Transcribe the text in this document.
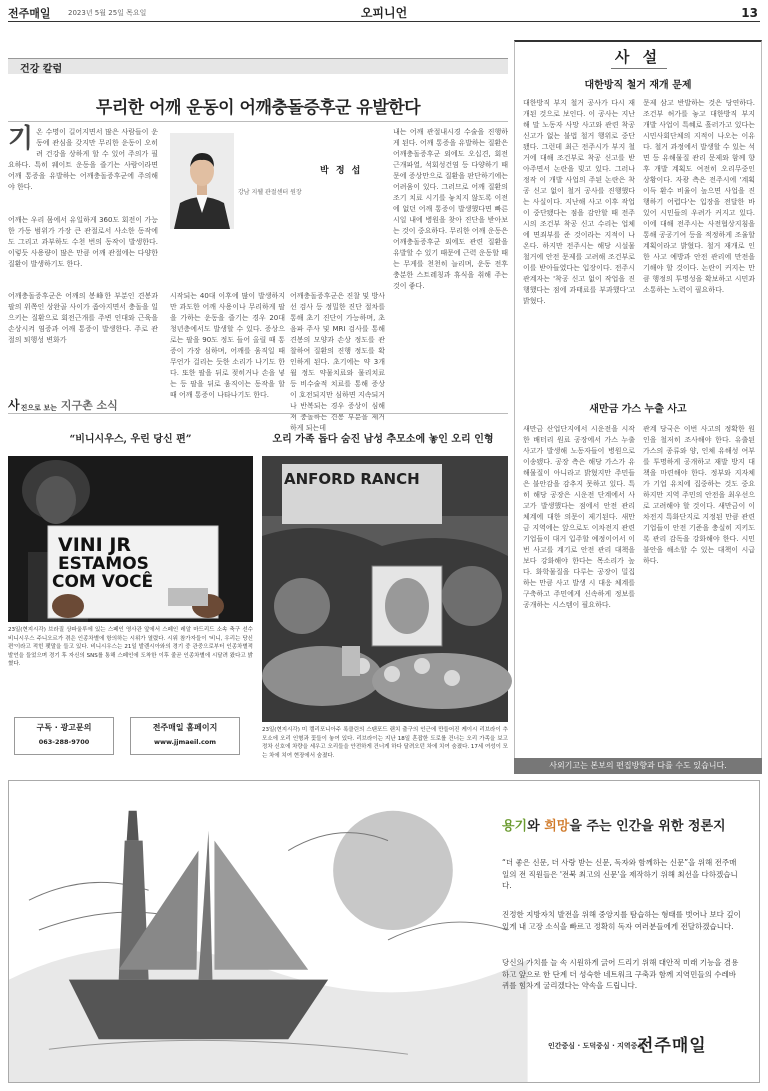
전주매일	2023년 5월 25일 목요일	오피니언	13
건강 칼럼
무리한 어깨 운동이 어깨충돌증후군 유발한다
기온 수명이 길어지면서 많은 사람들이 운동에 관심을 갖지만 무리한 운동이 오히려 건강을 상하게 할 수 있어 주의가 필요하다. 특히 웨이트 운동을 즐기는 사람이라면 어깨 통증을 유발하는 어깨충돌증후군에 주의해야 한다.
어깨는 우리 몸에서 유일하게 360도 회전이 가능한 가동 범위가 가장 큰 관절로서 사소한 동작에도 그리고 과부하도 수천 번의 동작이 발생한다. 이렇듯 사용량이 많은 만큼 어깨 관절에는 다양한 질환이 발생하기도 한다.
어깨충돌증후군은 어깨의 봉峰한 부분인 견봉과 팔의 위쪽인 상완골 사이가 좁아지면서 충돌을 일으키는 질환으로 회전근개를 주변 인대와 근육을 손상시켜 염증과 어깨 통증이 발생한다. 주로 관절의 퇴행성 변화가
박 정 섭
강남 지웰 관절센터 원장
시작되는 40대 이후에 많이 발생하지만 과도한 어깨 사용이나 무리하게 팔을 가하는 운동을 즐기는 경우 20대 청년층에서도 발생할 수 있다. 증상으로는 팔을 90도 정도 들어 올릴 때 통증이 가장 심하며, 어깨를 움직일 때 무언가 걸리는 듯한 소리가 나기도 한다. 또한 팔을 뒤로 젖히거나 손을 넣는 등 팔을 뒤로 움직이는 동작을 할 때 어깨 통증이 나타나기도 한다.
어깨충돌증후군은 진찰 및 방사선 검사 등 정밀한 진단 절차를 통해 초기 진단이 가능하며, 초음파 주사 및 MRI 검사를 통해 견봉의 모양과 손상 정도를 관찰하여 질환의 진행 정도를 확인하게 된다. 초기에는 약 3개월 정도 약물치료와 물리치료 등 비수술적 치료를 통해 증상이 호전되지만 심하면 지속되거나 반복되는 경우 증상이 심해져 충돌하는 견봉 부분을 제거하게 되는데
내는 어깨 관절내시경 수술을 진행하게 된다. 어깨 통증을 유발하는 질환은 어깨충돌증후군 외에도 오십견, 회전근개파열, 석회성건염 등 다양하기 때문에 증상만으로 질환을 판단하기에는 어려움이 있다. 그러므로 어깨 질환의 조기 치료 시기를 놓치지 않도록 이전에 없던 어깨 통증이 발생했다면 빠른 시일 내에 병원을 찾아 진단을 받아보는 것이 중요하다. 무리한 어깨 운동은 어깨충돌증후군 외에도 관련 질환을 유발할 수 있기 때문에 근력 운동할 때는 무게를 천천히 늘리며, 운동 전후 충분한 스트레칭과 휴식을 취해 주는 것이 좋다.
사 설
대한방직 철거 재개 문제
대한방직 부지 철거 공사가 다시 재개된 것으로 보인다. 이 공사는 지난해 말 노동자 사망 사고와 관련 착공 신고가 없는 불법 철거 행위로 중단됐다. 그런데 최근 전주시가 부지 철거에 대해 조건부로 착공 신고를 받아주면서 논란을 빚고 있다. 그러나 정작 이 개발 사업의 주된 논란은 착공 신고 없이 철거 공사를 진행했다는 사실이다. 지난해 사고 이후 작업이 중단됐다는 점을 감안할 때 전주시의 조건부 착공 신고 수리는 업체에 면죄부를 준 것이라는 지적이 나온다. 하지만 전주시는 해당 시설물 철거에 안전 문제를 고려해 조건부로 이를 받아들였다는 입장이다. 전주시 관계자는 '착공 신고 없이 작업을 진행했다는 점에 과태료를 부과했다'고 밝혔다.
문제 삼고 반발하는 것은 당연하다. 조건부 허가를 놓고 대한방직 부지 개발 사업이 특혜로 흘러가고 있다는 시민사회단체의 지적이 나오는 이유다. 철거 과정에서 발생할 수 있는 석면 등 유해물질 관리 문제와 함께 향후 개발 계획도 여전히 오리무중인 상황이다. 자광 측은 전주시에 '계획 이득 환수 비율이 높으면 사업을 진행하기 어렵다'는 입장을 전달한 바 있어 시민들의 우려가 커지고 있다. 이에 대해 전주시는 사전협상지침을 통해 공공기여 등을 적정하게 조율할 계획이라고 밝혔다. 철거 재개로 인한 사고 예방과 안전 관리에 만전을 기해야 할 것이다. 논란이 커지는 만큼 행정의 투명성을 확보하고 시민과 소통하는 노력이 필요하다.
새만금 가스 누출 사고
새만금 산업단지에서 시운전을 시작한 배터리 원료 공장에서 가스 누출 사고가 발생해 노동자들이 병원으로 이송됐다. 공장 측은 해당 가스가 유해물질이 아니라고 밝혔지만 주민들은 불안감을 감추지 못하고 있다. 특히 해당 공장은 시운전 단계에서 사고가 발생했다는 점에서 안전 관리 체계에 대한 의문이 제기된다. 새만금 지역에는 앞으로도 이차전지 관련 기업들이 대거 입주할 예정이어서 이번 사고를 계기로 안전 관리 대책을 보다 강화해야 한다는 목소리가 높다. 화학물질을 다루는 공장이 밀집하는 만큼 사고 발생 시 대응 체계를 구축하고 주민에게 신속하게 정보를 공개하는 시스템이 필요하다.
관계 당국은 이번 사고의 정확한 원인을 철저히 조사해야 한다. 유출된 가스의 종류와 양, 인체 유해성 여부를 투명하게 공개하고 재발 방지 대책을 마련해야 한다. 정부와 지자체가 기업 유치에 집중하는 것도 중요하지만 지역 주민의 안전을 최우선으로 고려해야 할 것이다. 새만금이 이차전지 특화단지로 지정된 만큼 관련 기업들이 안전 기준을 충실히 지키도록 관리 감독을 강화해야 한다. 시민 불안을 해소할 수 있는 대책이 시급하다.
사외기고는 본보의 편집방향과 다를 수도 있습니다.
사 진으로 보는 지구촌 소식
“비니시우스, 우린 당신 편”
VINI JR
ESTAMOS
COM VOCÊ
23일(현지시각) 브라질 상파울루에 있는 스페인 영사관 앞에서 스페인 레알 마드리드 소속 축구 선수 비니시우스 주니오르가 겪은 인종차별에 항의하는 시위가 열렸다. 시위 참가자들이 '비니, 우리는 당신 편'이라고 적힌 팻말을 들고 있다. 비니시우스는 21일 발렌시아와의 경기 중 관중으로부터 인종차별적 발언을 들었으며 경기 후 자신의 SNS를 통해 스페인에 도착한 이후 줄곧 인종차별에 시달려 왔다고 밝혔다.
오리 가족 돕다 숨진 남성 추모소에 놓인 오리 인형
ANFORD RANCH
23일(현지시각) 미 캘리포니아주 록클린의 스탠포드 랜치 출구의 인근에 만들어진 케이시 리브라이 추모소에 오리 인형과 꽃들이 놓여 있다. 리브라이는 지난 18일 혼잡한 도로를 건너는 오리 가족을 보고 정차 신호에 차량을 세우고 오리들을 안전하게 건너게 하다 달려오던 차에 치여 숨졌다. 17세 여성이 모는 차에 치여 현장에서 숨졌다.
구독 · 광고문의
063-288-9700
전주매일 홈페이지
www.jjmaeil.com
용기와 희망을 주는 인간을 위한 정론지
“더 좋은 신문, 더 사랑 받는 신문, 독자와 함께하는 신문”을 위해 전주매일의 전 직원들은 '전북 최고의 신문'을 제작하기 위해 최선을 다하겠습니다.
진정한 지방자치 발전을 위해 중앙지를 탐습하는 형태를 벗어나 보다 깊이 있게 내 고장 소식을 빠르고 정확히 독자 여러분들에게 전달하겠습니다.
당신의 가치를 늘 속 시원하게 긁어 드리기 위해 대안적 미래 기능을 겸용하고 앞으로 한 단계 더 성숙한 네트워크 구축과 함께 지역민들의 수레바퀴를 힘차게 굴리겠다는 약속을 드립니다.
인간중심 · 도덕중심 · 지역중심
전주매일
